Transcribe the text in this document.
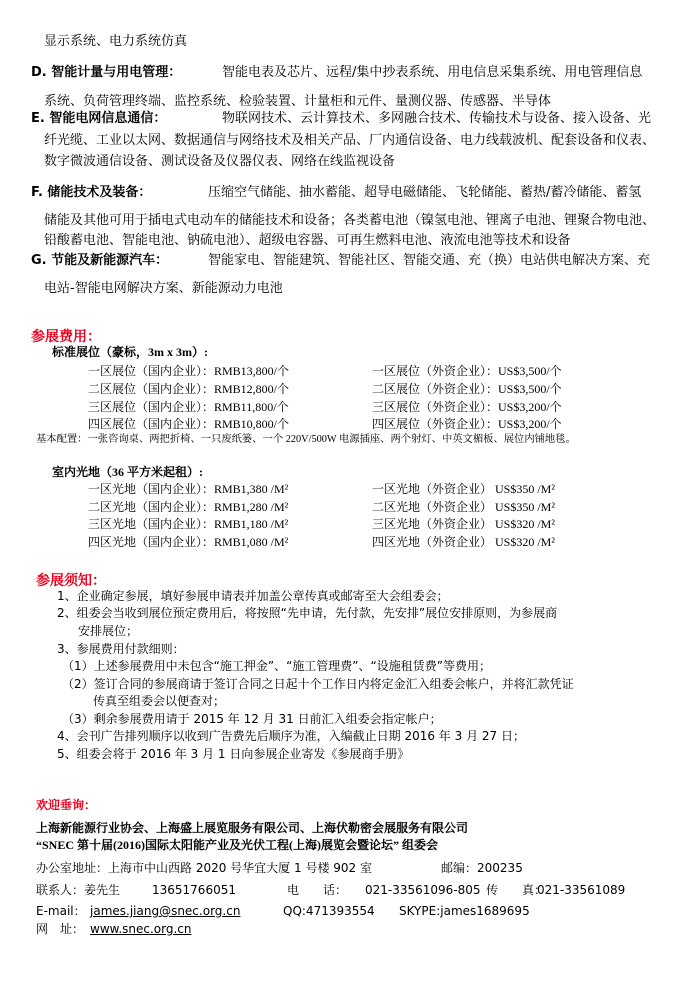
显示系统、电力系统仿真
D. 智能计量与用电管理：	智能电表及芯片、远程/集中抄表系统、用电信息采集系统、用电管理信息
系统、负荷管理终端、监控系统、检验装置、计量柜和元件、量测仪器、传感器、半导体
E. 智能电网信息通信：	物联网技术、云计算技术、多网融合技术、传输技术与设备、接入设备、光
纤光缆、工业以太网、数据通信与网络技术及相关产品、厂内通信设备、电力线载波机、配套设备和仪表、
数字微波通信设备、测试设备及仪器仪表、网络在线监视设备
F. 储能技术及装备：	压缩空气储能、抽水蓄能、超导电磁储能、飞轮储能、蓄热/蓄冷储能、蓄氢
储能及其他可用于插电式电动车的储能技术和设备；各类蓄电池（镍氢电池、锂离子电池、锂聚合物电池、
铅酸蓄电池、智能电池、钠硫电池）、超级电容器、可再生燃料电池、液流电池等技术和设备
G. 节能及新能源汽车：	智能家电、智能建筑、智能社区、智能交通、充（换）电站供电解决方案、充
电站-智能电网解决方案、新能源动力电池
参展费用：
标准展位（豪标，3m x 3m）:
一区展位（国内企业）：RMB13,800/个	一区展位（外资企业）：US$3,500/个
二区展位（国内企业）：RMB12,800/个	二区展位（外资企业）：US$3,500/个
三区展位（国内企业）：RMB11,800/个	三区展位（外资企业）：US$3,200/个
四区展位（国内企业）：RMB10,800/个	四区展位（外资企业）：US$3,200/个
基本配置：一张咨询桌、两把折椅、一只废纸篓、一个 220V/500W 电源插座、两个射灯、中英文楣板、展位内铺地毯。
室内光地（36 平方米起租）:
一区光地（国内企业）：RMB1,380 /M²	一区光地（外资企业） US$350 /M²
二区光地（国内企业）：RMB1,280 /M²	二区光地（外资企业） US$350 /M²
三区光地（国内企业）：RMB1,180 /M²	三区光地（外资企业） US$320 /M²
四区光地（国内企业）：RMB1,080 /M²	四区光地（外资企业） US$320 /M²
参展须知：
1、企业确定参展，填好参展申请表并加盖公章传真或邮寄至大会组委会；
2、组委会当收到展位预定费用后，将按照“先申请，先付款，先安排”展位安排原则，为参展商
安排展位；
3、参展费用付款细则：
（1）上述参展费用中未包含“施工押金”、“施工管理费”、“设施租赁费”等费用；
（2）签订合同的参展商请于签订合同之日起十个工作日内将定金汇入组委会帐户，并将汇款凭证
传真至组委会以便查对；
（3）剩余参展费用请于 2015 年 12 月 31 日前汇入组委会指定帐户；
4、会刊广告排列顺序以收到广告费先后顺序为准，入编截止日期 2016 年 3 月 27 日；
5、组委会将于 2016 年 3 月 1 日向参展企业寄发《参展商手册》
欢迎垂询：
上海新能源行业协会、上海盛上展览服务有限公司、上海伏勒密会展服务有限公司
“SNEC 第十届(2016)国际太阳能产业及光伏工程(上海)展览会暨论坛” 组委会
办公室地址：上海市中山西路 2020 号华宜大厦 1 号楼 902 室	邮编：200235
联系人：姜先生	13651766051	电　　话： 021-33561096-805 传　　真：
021-33561089
E-mail： james.jiang@snec.org.cn	QQ:471393554 SKYPE:james1689695
网　址： www.snec.org.cn
